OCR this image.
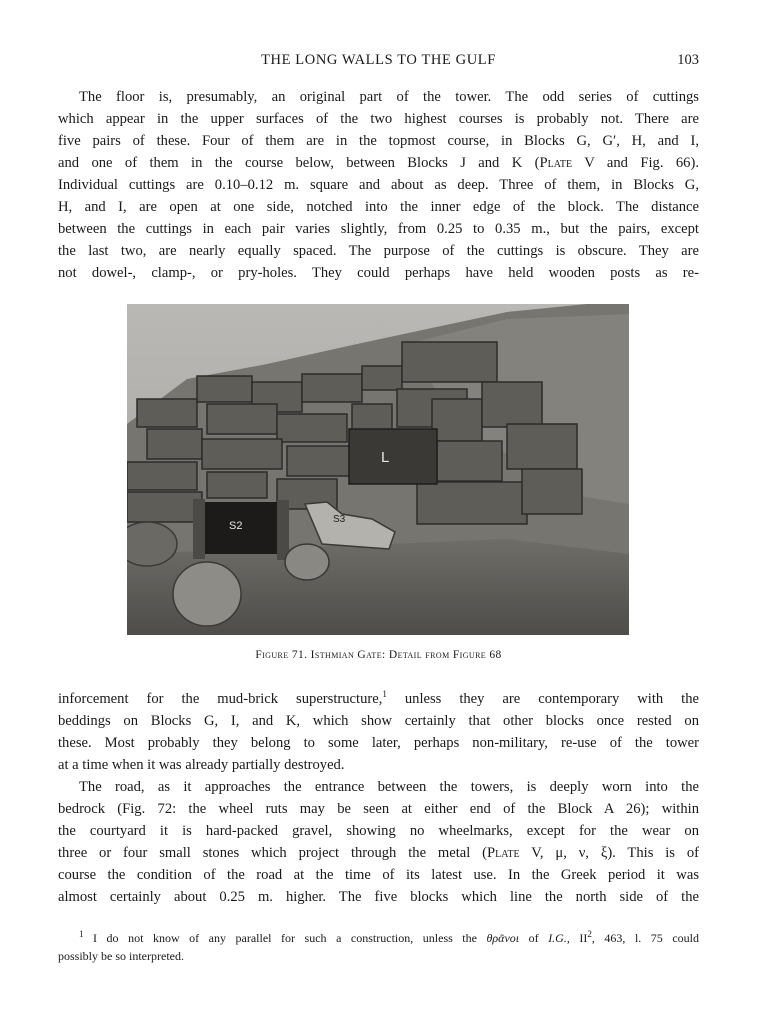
THE LONG WALLS TO THE GULF	103
The floor is, presumably, an original part of the tower. The odd series of cuttings
which appear in the upper surfaces of the two highest courses is probably not. There are
five pairs of these. Four of them are in the topmost course, in Blocks G, G′, H, and I,
and one of them in the course below, between Blocks J and K (Plate V and Fig. 66).
Individual cuttings are 0.10–0.12 m. square and about as deep. Three of them, in Blocks G,
H, and I, are open at one side, notched into the inner edge of the block. The distance
between the cuttings in each pair varies slightly, from 0.25 to 0.35 m., but the pairs, except
the last two, are nearly equally spaced. The purpose of the cuttings is obscure. They are
not dowel-, clamp-, or pry-holes. They could perhaps have held wooden posts as re-
L
S2
S3
Figure 71. Isthmian Gate: Detail from Figure 68
inforcement for the mud-brick superstructure,$^1$ unless they are contemporary with the
beddings on Blocks G, I, and K, which show certainly that other blocks once rested on
these. Most probably they belong to some later, perhaps non-military, re-use of the tower
at a time when it was already partially destroyed.
The road, as it approaches the entrance between the towers, is deeply worn into the
bedrock (Fig. 72: the wheel ruts may be seen at either end of the Block A 26); within
the courtyard it is hard-packed gravel, showing no wheelmarks, except for the wear on
three or four small stones which project through the metal (Plate V, μ, ν, ξ). This is of
course the condition of the road at the time of its latest use. In the Greek period it was
almost certainly about 0.25 m. higher. The five blocks which line the north side of the
$^1$ I do not know of any parallel for such a construction, unless the θρᾶνοι of I.G., $II^2$, 463, l. 75 could
possibly be so interpreted.
